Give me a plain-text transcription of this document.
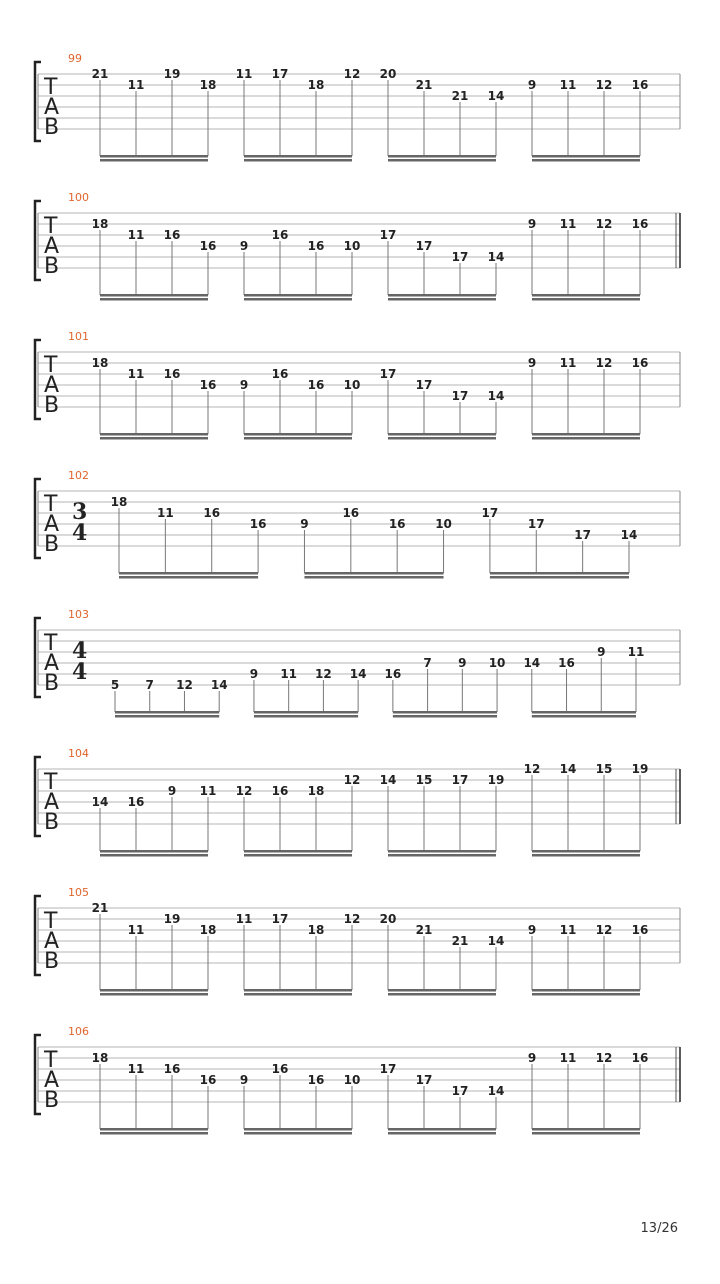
99
T
A
B
21
11
19
18
11 17
18
12 20
21
21 14
9 11 12 16
100
T
A
B
18
11 16
16 9
16
16 10
17
17
17 14
9 11 12 16
101
T
A
B
18
11 16
16 9
16
16 10
17
17
17 14
9 11 12 16
102
T
A
B
3
4
18
11 16
16	9
16
16 10
17
17
17 14
103
T
A
B
4
4 5 7 12 14
9 11 12 14 16
7 9 10 14 16
9 11
104
T
A
B
14 16
9 11 12 16 18
12 14 15 17 19
12 14 15 19
105
T
A
B
21
11
19
18
11 17
18
12 20
21
21 14
9 11 12 16
106
T
A
B
18
11 16
16 9
16
16 10
17
17
17 14
9 11 12 16
13/26
